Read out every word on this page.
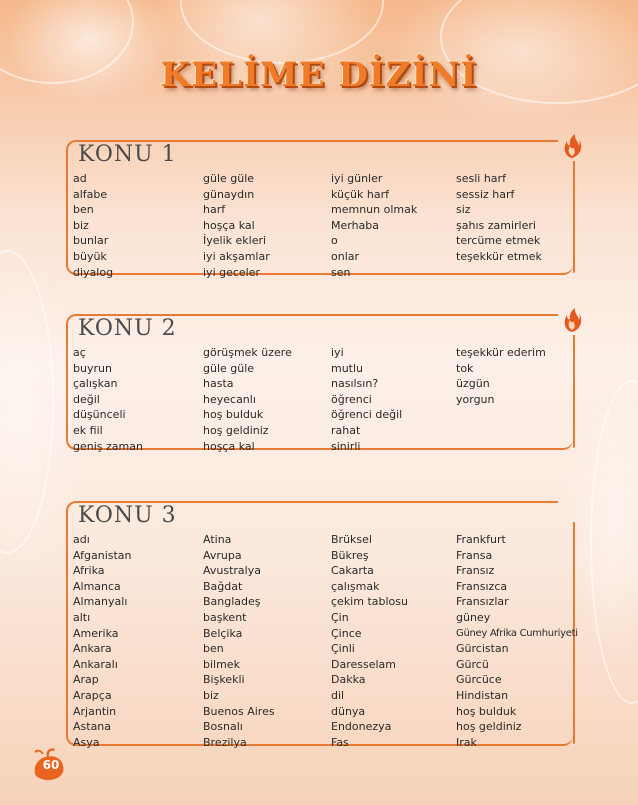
KELİME DİZİNİ
KONU 1
ad
alfabe
ben
biz
bunlar
büyük
diyalog
güle güle
günaydın
harf
hoşça kal
İyelik ekleri
iyi akşamlar
iyi geceler
iyi günler
küçük harf
memnun olmak
Merhaba
o
onlar
sen
sesli harf
sessiz harf
siz
şahıs zamirleri
tercüme etmek
teşekkür etmek
KONU 2
aç
buyrun
çalışkan
değil
düşünceli
ek fiil
geniş zaman
görüşmek üzere
güle güle
hasta
heyecanlı
hoş bulduk
hoş geldiniz
hoşça kal
iyi
mutlu
nasılsın?
öğrenci
öğrenci değil
rahat
sinirli
teşekkür ederim
tok
üzgün
yorgun
KONU 3
adı
Afganistan
Afrika
Almanca
Almanyalı
altı
Amerika
Ankara
Ankaralı
Arap
Arapça
Arjantin
Astana
Asya
Atina
Avrupa
Avustralya
Bağdat
Bangladeş
başkent
Belçika
ben
bilmek
Bişkekli
biz
Buenos Aires
Bosnalı
Brezilya
Brüksel
Bükreş
Cakarta
çalışmak
çekim tablosu
Çin
Çince
Çinli
Daresselam
Dakka
dil
dünya
Endonezya
Fas
Frankfurt
Fransa
Fransız
Fransızca
Fransızlar
güney
Güney Afrika Cumhuriyeti
Gürcistan
Gürcü
Gürcüce
Hindistan
hoş bulduk
hoş geldiniz
Irak
60
